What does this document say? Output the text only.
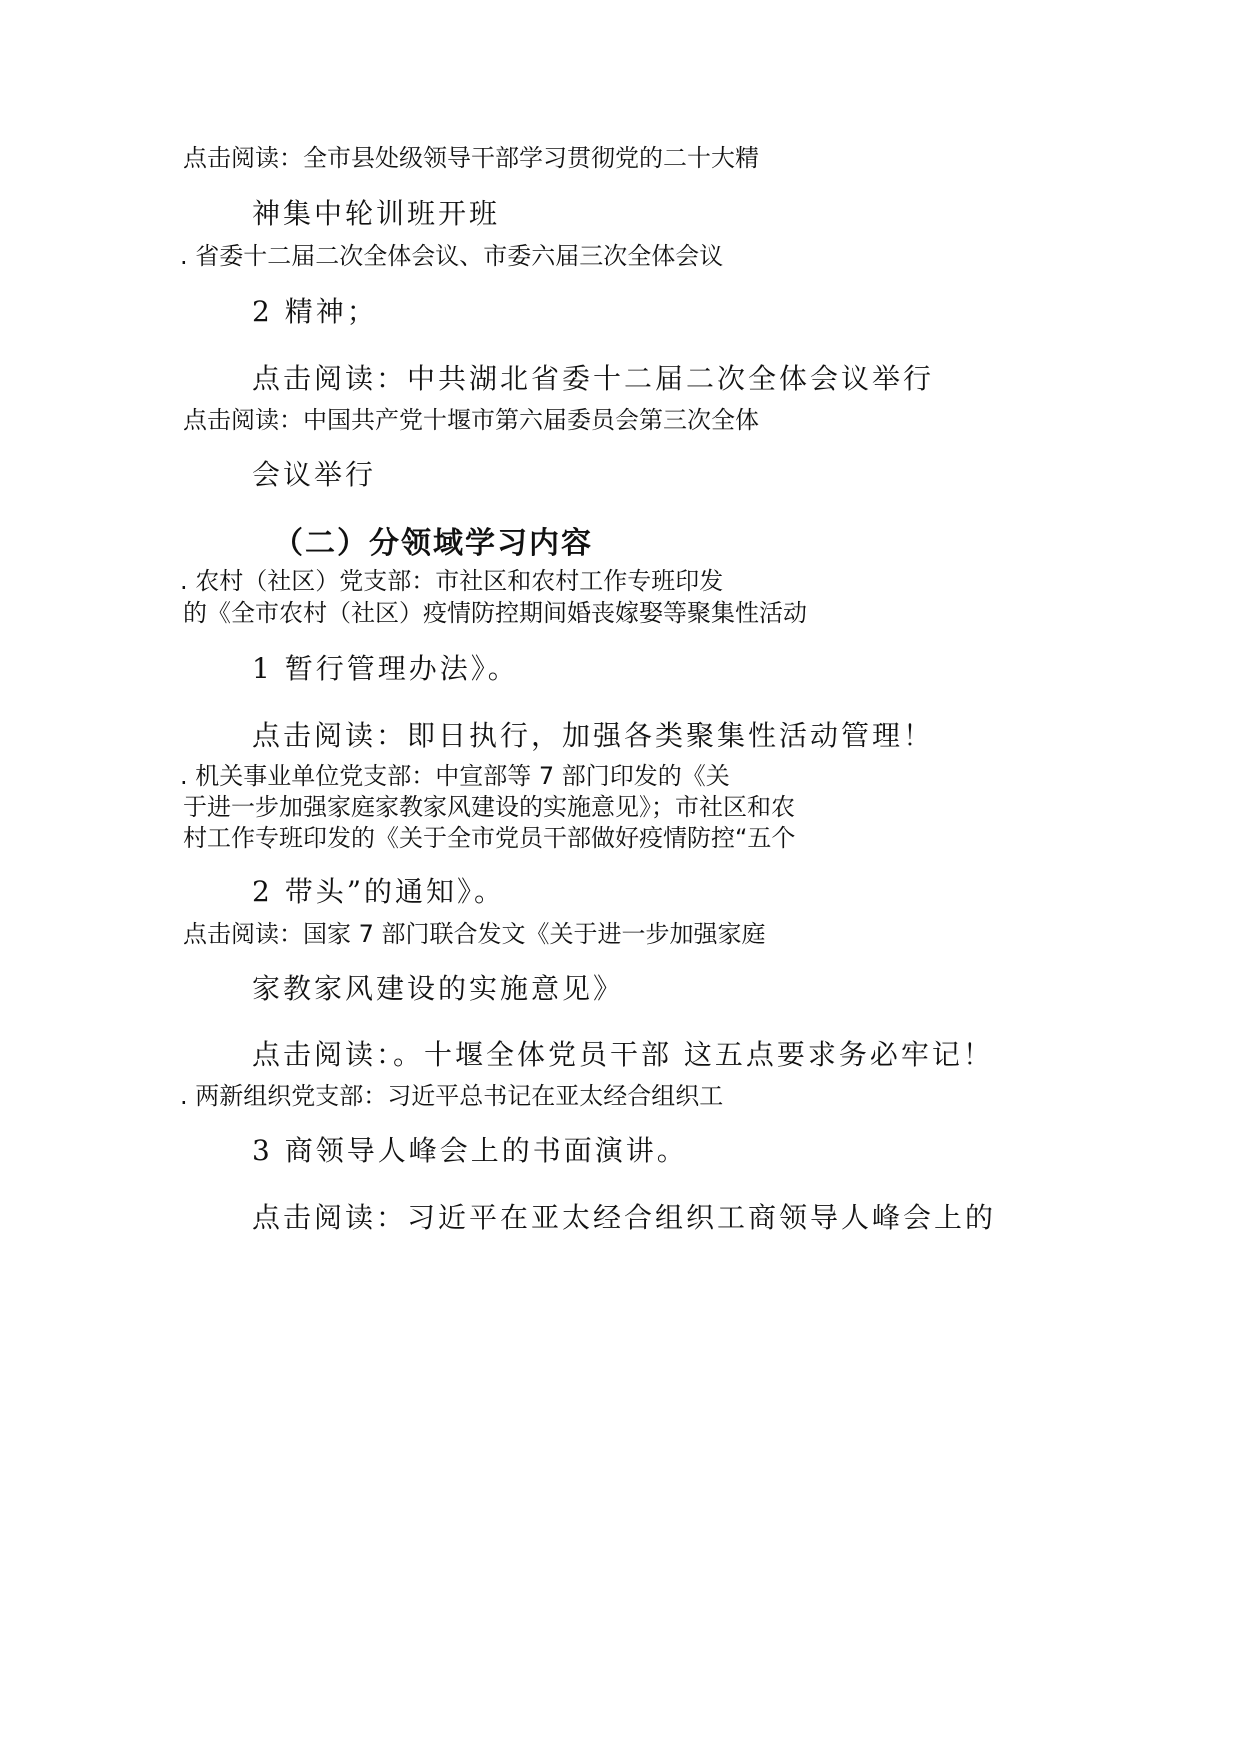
点击阅读：全市县处级领导干部学习贯彻党的二十大精

神集中轮训班开班

. 省委十二届二次全体会议、市委六届三次全体会议

2 精神；

点击阅读：中共湖北省委十二届二次全体会议举行

点击阅读：中国共产党十堰市第六届委员会第三次全体

会议举行

（二）分领域学习内容

. 农村（社区）党支部：市社区和农村工作专班印发

的《全市农村（社区）疫情防控期间婚丧嫁娶等聚集性活动

1 暂行管理办法》。

点击阅读：即日执行，加强各类聚集性活动管理！

. 机关事业单位党支部：中宣部等 7 部门印发的《关

于进一步加强家庭家教家风建设的实施意见》；市社区和农

村工作专班印发的《关于全市党员干部做好疫情防控“五个

2 带头”的通知》。

点击阅读：国家 7 部门联合发文《关于进一步加强家庭

家教家风建设的实施意见》

点击阅读：。十堰全体党员干部 这五点要求务必牢记！

. 两新组织党支部：习近平总书记在亚太经合组织工

3 商领导人峰会上的书面演讲。

点击阅读：习近平在亚太经合组织工商领导人峰会上的
